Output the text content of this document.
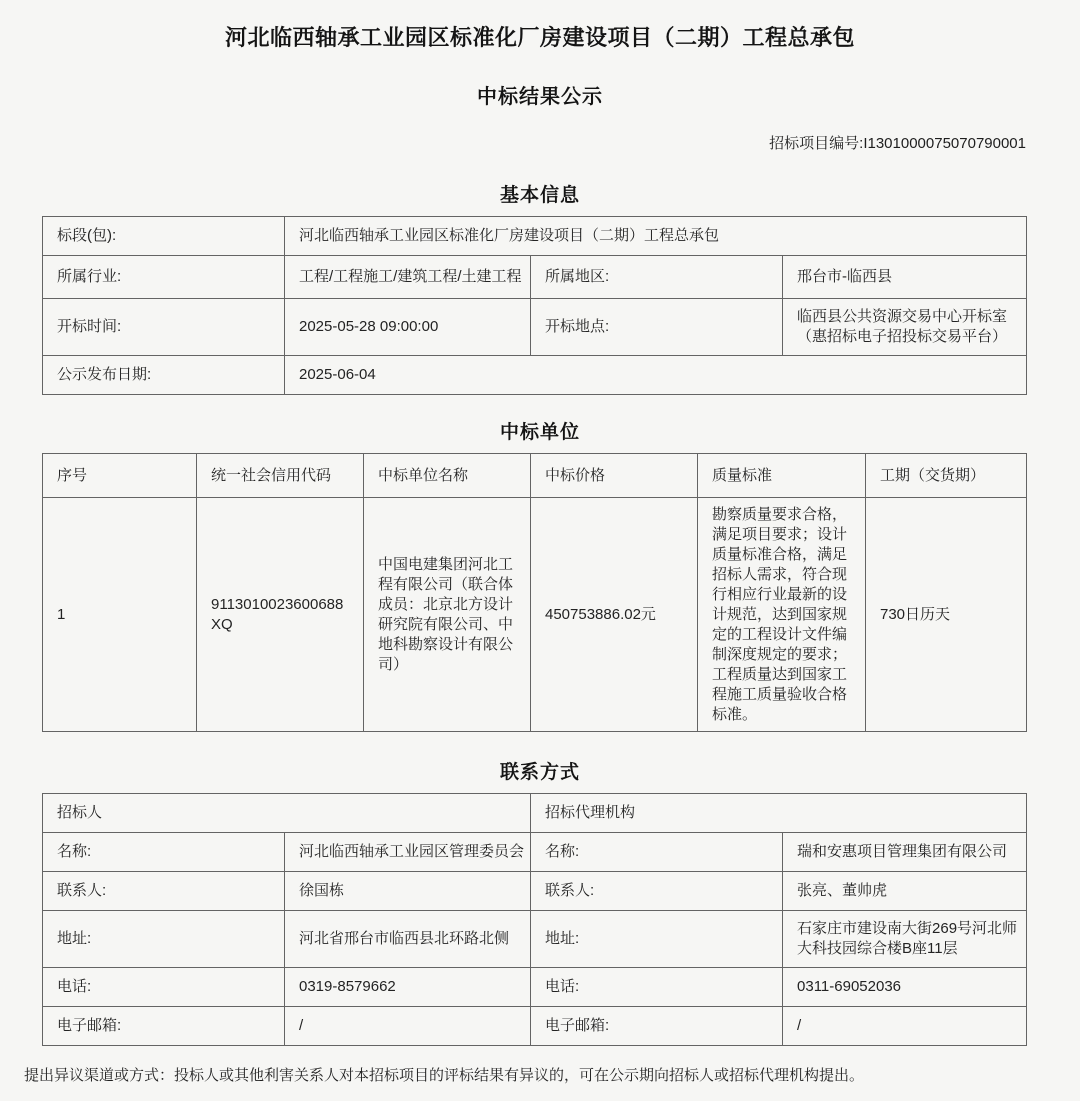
河北临西轴承工业园区标准化厂房建设项目（二期）工程总承包
中标结果公示
招标项目编号:I1301000075070790001
基本信息
标段(包):	河北临西轴承工业园区标准化厂房建设项目（二期）工程总承包		
所属行业:	工程/工程施工/建筑工程/土建工程	所属地区:	邢台市-临西县
开标时间:	2025-05-28 09:00:00	开标地点:	临西县公共资源交易中心开标室（惠招标电子招投标交易平台）
公示发布日期:	2025-06-04		
中标单位
序号	统一社会信用代码	中标单位名称	中标价格	质量标准	工期（交货期）
1	9113010023600688XQ	中国电建集团河北工程有限公司（联合体成员：北京北方设计研究院有限公司、中地科勘察设计有限公司）	450753886.02元	勘察质量要求合格，满足项目要求；设计质量标准合格，满足招标人需求，符合现行相应行业最新的设计规范，达到国家规定的工程设计文件编制深度规定的要求；工程质量达到国家工程施工质量验收合格标准。	730日历天
联系方式
招标人		招标代理机构	
名称:	河北临西轴承工业园区管理委员会	名称:	瑞和安惠项目管理集团有限公司
联系人:	徐国栋	联系人:	张亮、董帅虎
地址:	河北省邢台市临西县北环路北侧	地址:	石家庄市建设南大街269号河北师大科技园综合楼B座11层
电话:	0319-8579662	电话:	0311-69052036
电子邮箱:	/	电子邮箱:	/
提出异议渠道或方式：投标人或其他利害关系人对本招标项目的评标结果有异议的，可在公示期向招标人或招标代理机构提出。
